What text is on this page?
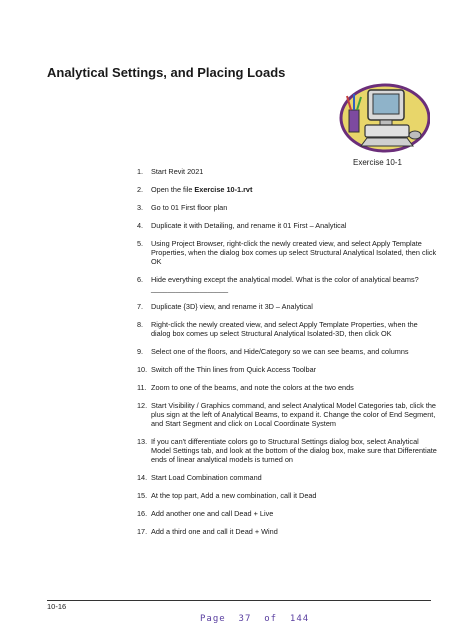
Analytical Settings, and Placing Loads
Exercise 10-1
1. Start Revit 2021
2. Open the file Exercise 10-1.rvt
3. Go to 01 First floor plan
4. Duplicate it with Detailing, and rename it 01 First – Analytical
5. Using Project Browser, right-click the newly created view, and select Apply Template Properties, when the dialog box comes up select Structural Analytical Isolated, then click OK
6. Hide everything except the analytical model. What is the color of analytical beams? ___________________
7. Duplicate {3D} view, and rename it 3D – Analytical
8. Right-click the newly created view, and select Apply Template Properties, when the dialog box comes up select Structural Analytical Isolated-3D, then click OK
9. Select one of the floors, and Hide/Category so we can see beams, and columns
10. Switch off the Thin lines from Quick Access Toolbar
11. Zoom to one of the beams, and note the colors at the two ends
12. Start Visibility / Graphics command, and select Analytical Model Categories tab, click the plus sign at the left of Analytical Beams, to expand it. Change the color of End Segment, and Start Segment and click on Local Coordinate System
13. If you can't differentiate colors go to Structural Settings dialog box, select Analytical Model Settings tab, and look at the bottom of the dialog box, make sure that Differentiate ends of linear analytical models is turned on
14. Start Load Combination command
15. At the top part, Add a new combination, call it Dead
16. Add another one and call Dead + Live
17. Add a third one and call it Dead + Wind
10-16
Page 37 of 144
